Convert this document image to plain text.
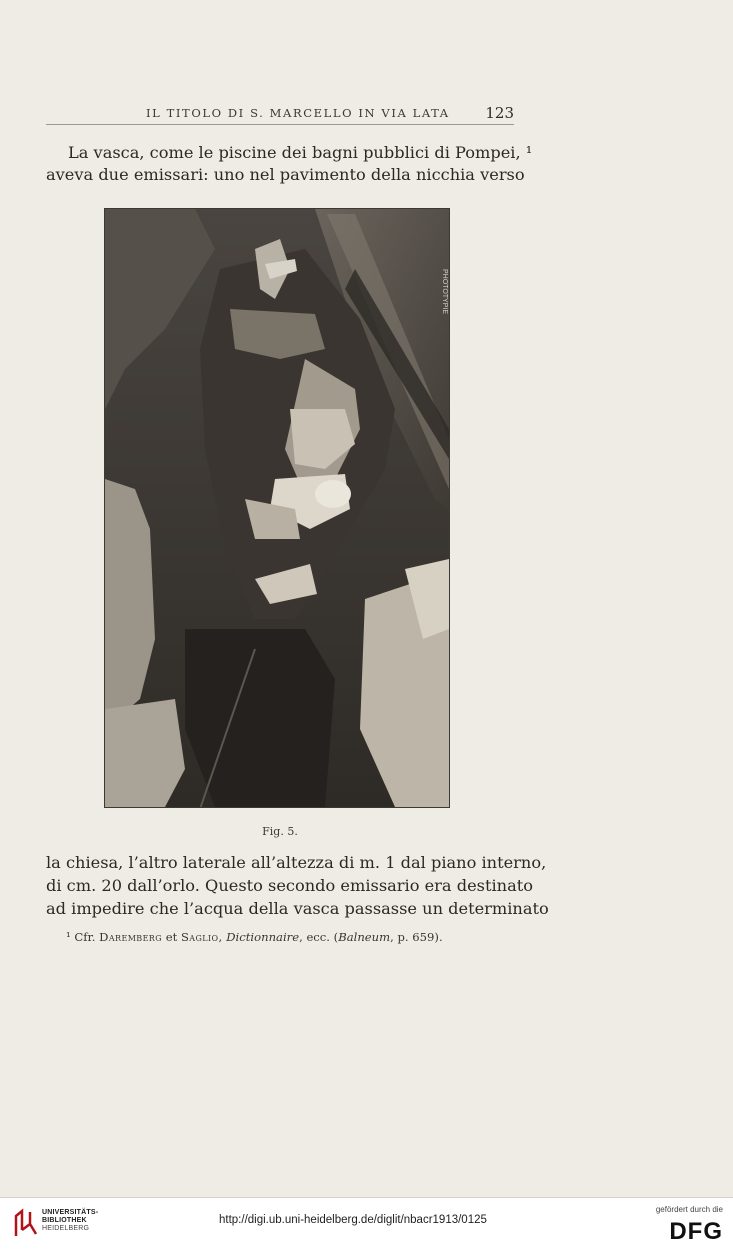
IL TITOLO DI S. MARCELLO IN VIA LATA 123
La vasca, come le piscine dei bagni pubblici di Pompei, ¹
aveva due emissari: uno nel pavimento della nicchia verso
PHOTOTYPIE
Fig. 5.
la chiesa, l’altro laterale all’altezza di m. 1 dal piano interno,
di cm. 20 dall’orlo. Questo secondo emissario era destinato
ad impedire che l’acqua della vasca passasse un determinato
¹ Cfr. Daremberg et Saglio, Dictionnaire, ecc. (Balneum, p. 659).
UNIVERSITÄTS-
BIBLIOTHEK
HEIDELBERG
http://digi.ub.uni-heidelberg.de/diglit/nbacr1913/0125
gefördert durch die
DFG
